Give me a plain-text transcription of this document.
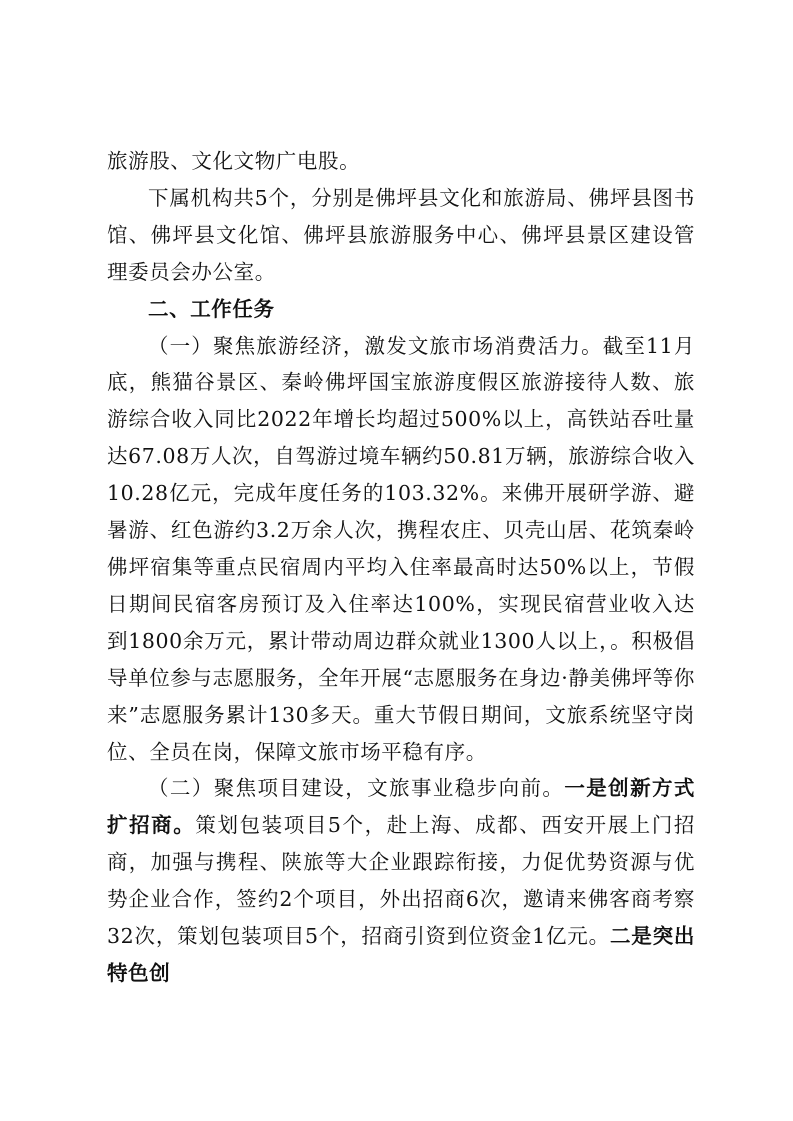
旅游股、文化文物广电股。

下属机构共5个，分别是佛坪县文化和旅游局、佛坪县图书馆、佛坪县文化馆、佛坪县旅游服务中心、佛坪县景区建设管理委员会办公室。

二、工作任务

（一）聚焦旅游经济，激发文旅市场消费活力。截至11月底，熊猫谷景区、秦岭佛坪国宝旅游度假区旅游接待人数、旅游综合收入同比2022年增长均超过500%以上，高铁站吞吐量达67.08万人次，自驾游过境车辆约50.81万辆，旅游综合收入10.28亿元，完成年度任务的103.32%。来佛开展研学游、避暑游、红色游约3.2万余人次，携程农庄、贝壳山居、花筑秦岭佛坪宿集等重点民宿周内平均入住率最高时达50%以上，节假日期间民宿客房预订及入住率达100%，实现民宿营业收入达到1800余万元，累计带动周边群众就业1300人以上，。积极倡导单位参与志愿服务，全年开展“志愿服务在身边·静美佛坪等你来”志愿服务累计130多天。重大节假日期间，文旅系统坚守岗位、全员在岗，保障文旅市场平稳有序。

（二）聚焦项目建设，文旅事业稳步向前。一是创新方式扩招商。策划包装项目5个，赴上海、成都、西安开展上门招商，加强与携程、陕旅等大企业跟踪衔接，力促优势资源与优势企业合作，签约2个项目，外出招商6次，邀请来佛客商考察32次，策划包装项目5个，招商引资到位资金1亿元。二是突出特色创
